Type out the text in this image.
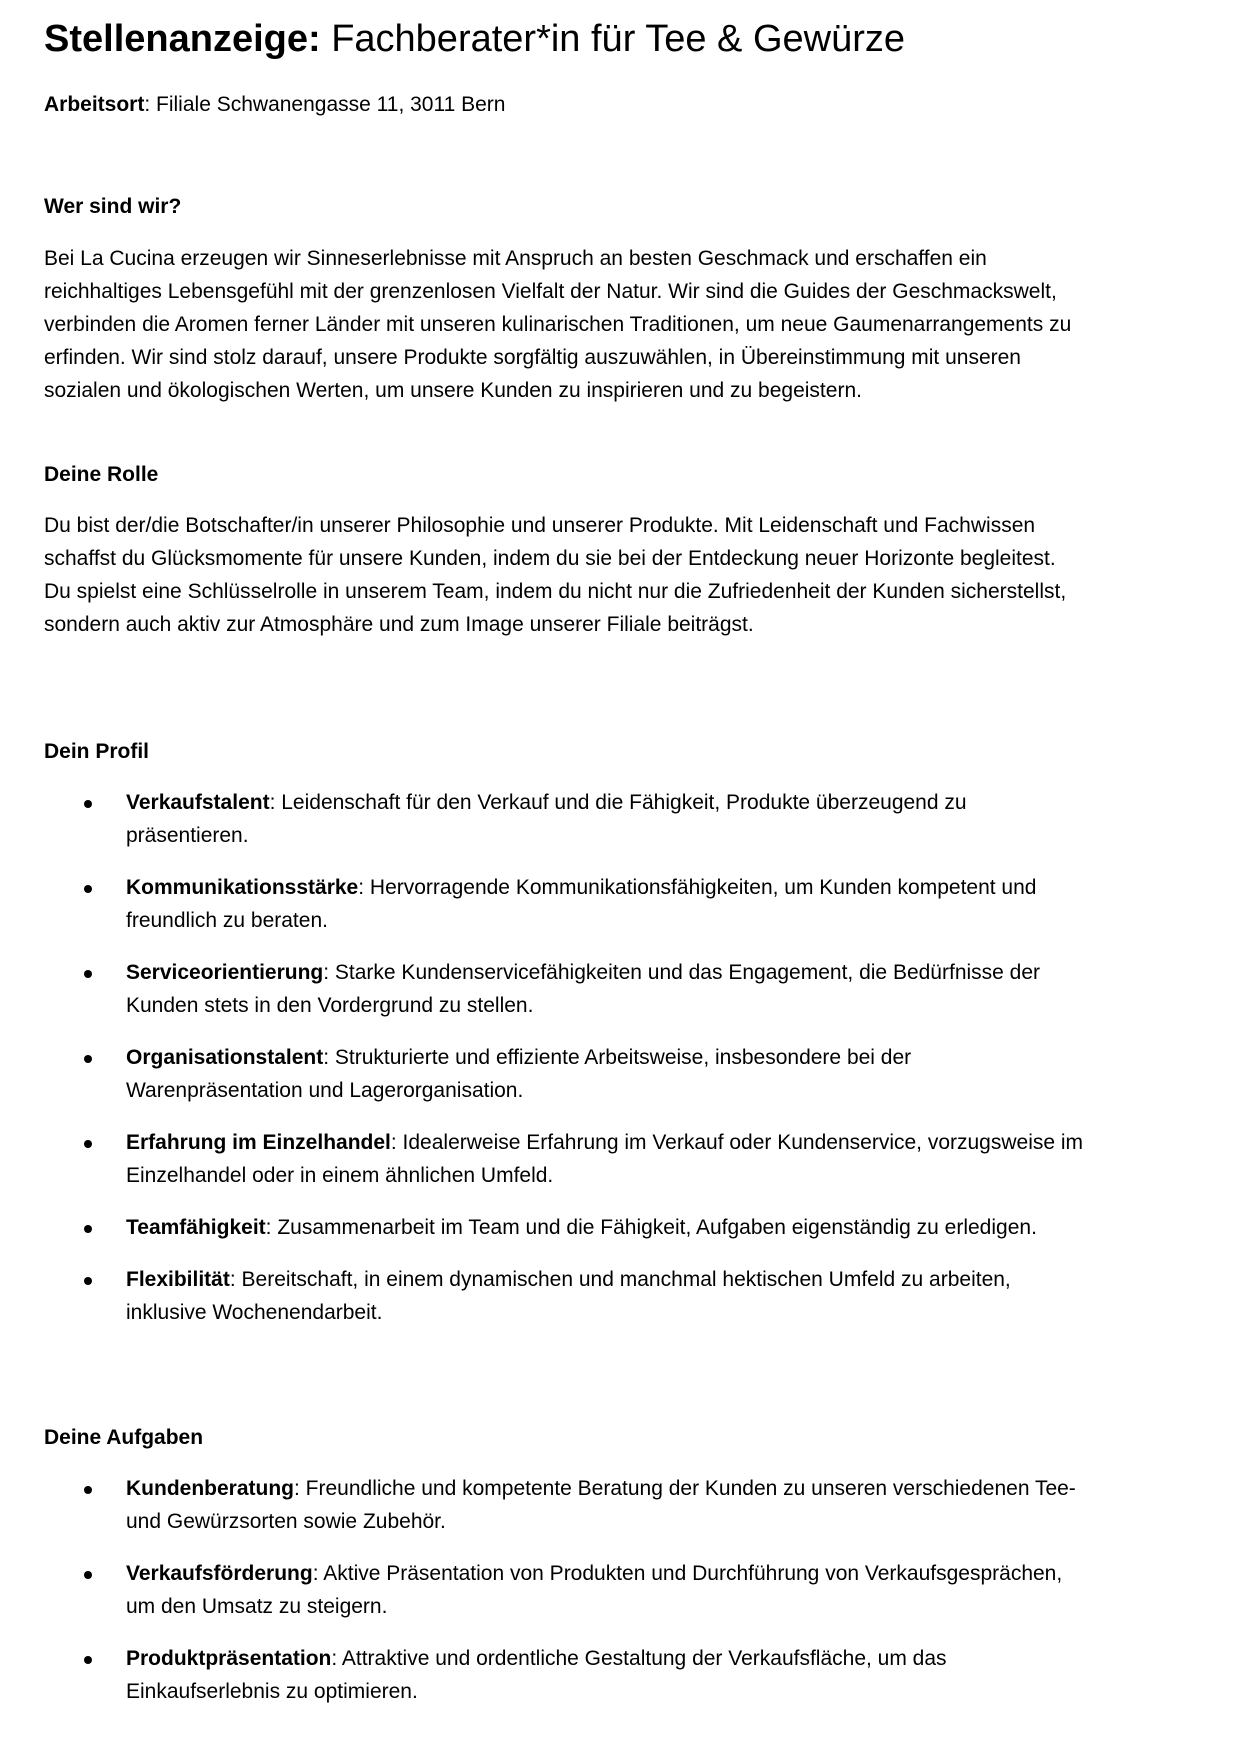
Stellenanzeige: Fachberater*in für Tee & Gewürze

Arbeitsort: Filiale Schwanengasse 11, 3011 Bern

Wer sind wir?

Bei La Cucina erzeugen wir Sinneserlebnisse mit Anspruch an besten Geschmack und erschaffen ein reichhaltiges Lebensgefühl mit der grenzenlosen Vielfalt der Natur. Wir sind die Guides der Geschmackswelt, verbinden die Aromen ferner Länder mit unseren kulinarischen Traditionen, um neue Gaumenarrangements zu erfinden. Wir sind stolz darauf, unsere Produkte sorgfältig auszuwählen, in Übereinstimmung mit unseren sozialen und ökologischen Werten, um unsere Kunden zu inspirieren und zu begeistern.

Deine Rolle

Du bist der/die Botschafter/in unserer Philosophie und unserer Produkte. Mit Leidenschaft und Fachwissen schaffst du Glücksmomente für unsere Kunden, indem du sie bei der Entdeckung neuer Horizonte begleitest. Du spielst eine Schlüsselrolle in unserem Team, indem du nicht nur die Zufriedenheit der Kunden sicherstellst, sondern auch aktiv zur Atmosphäre und zum Image unserer Filiale beiträgst.

Dein Profil
Verkaufstalent: Leidenschaft für den Verkauf und die Fähigkeit, Produkte überzeugend zu präsentieren.
Kommunikationsstärke: Hervorragende Kommunikationsfähigkeiten, um Kunden kompetent und freundlich zu beraten.
Serviceorientierung: Starke Kundenservicefähigkeiten und das Engagement, die Bedürfnisse der Kunden stets in den Vordergrund zu stellen.
Organisationstalent: Strukturierte und effiziente Arbeitsweise, insbesondere bei der Warenpräsentation und Lagerorganisation.
Erfahrung im Einzelhandel: Idealerweise Erfahrung im Verkauf oder Kundenservice, vorzugsweise im Einzelhandel oder in einem ähnlichen Umfeld.
Teamfähigkeit: Zusammenarbeit im Team und die Fähigkeit, Aufgaben eigenständig zu erledigen.
Flexibilität: Bereitschaft, in einem dynamischen und manchmal hektischen Umfeld zu arbeiten, inklusive Wochenendarbeit.
Deine Aufgaben
Kundenberatung: Freundliche und kompetente Beratung der Kunden zu unseren verschiedenen Tee- und Gewürzsorten sowie Zubehör.
Verkaufsförderung: Aktive Präsentation von Produkten und Durchführung von Verkaufsgesprächen, um den Umsatz zu steigern.
Produktpräsentation: Attraktive und ordentliche Gestaltung der Verkaufsfläche, um das Einkaufserlebnis zu optimieren.
